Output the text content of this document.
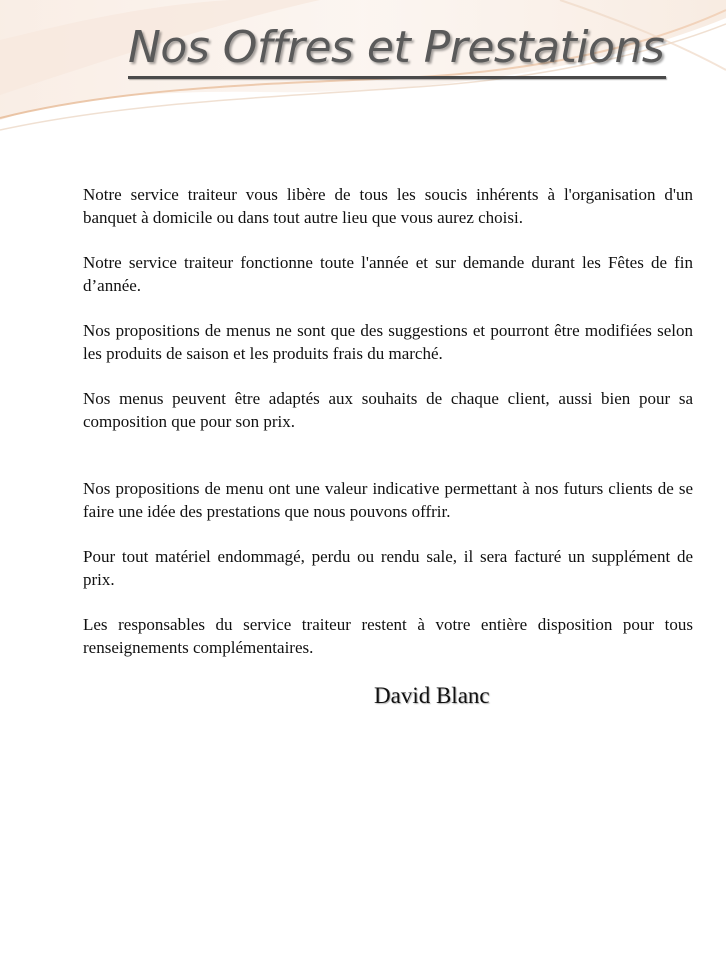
Nos Offres et Prestations

Notre service traiteur vous libère de tous les soucis inhérents à l'organisation d'un banquet à domicile ou dans tout autre lieu que vous aurez choisi.

Notre service traiteur fonctionne toute l'année et sur demande durant les Fêtes de fin d’année.

Nos propositions de menus ne sont que des suggestions et pourront être modifiées selon les produits de saison et les produits frais du marché.

Nos menus peuvent être adaptés aux souhaits de chaque client, aussi bien pour sa composition que pour son prix.

Nos propositions de menu ont une valeur indicative permettant à nos futurs clients de se faire une idée des prestations que nous pouvons offrir.

Pour tout matériel endommagé, perdu ou rendu sale, il sera facturé un supplément de prix.

Les responsables du service traiteur restent à votre entière disposition pour tous renseignements complémentaires.

David Blanc
